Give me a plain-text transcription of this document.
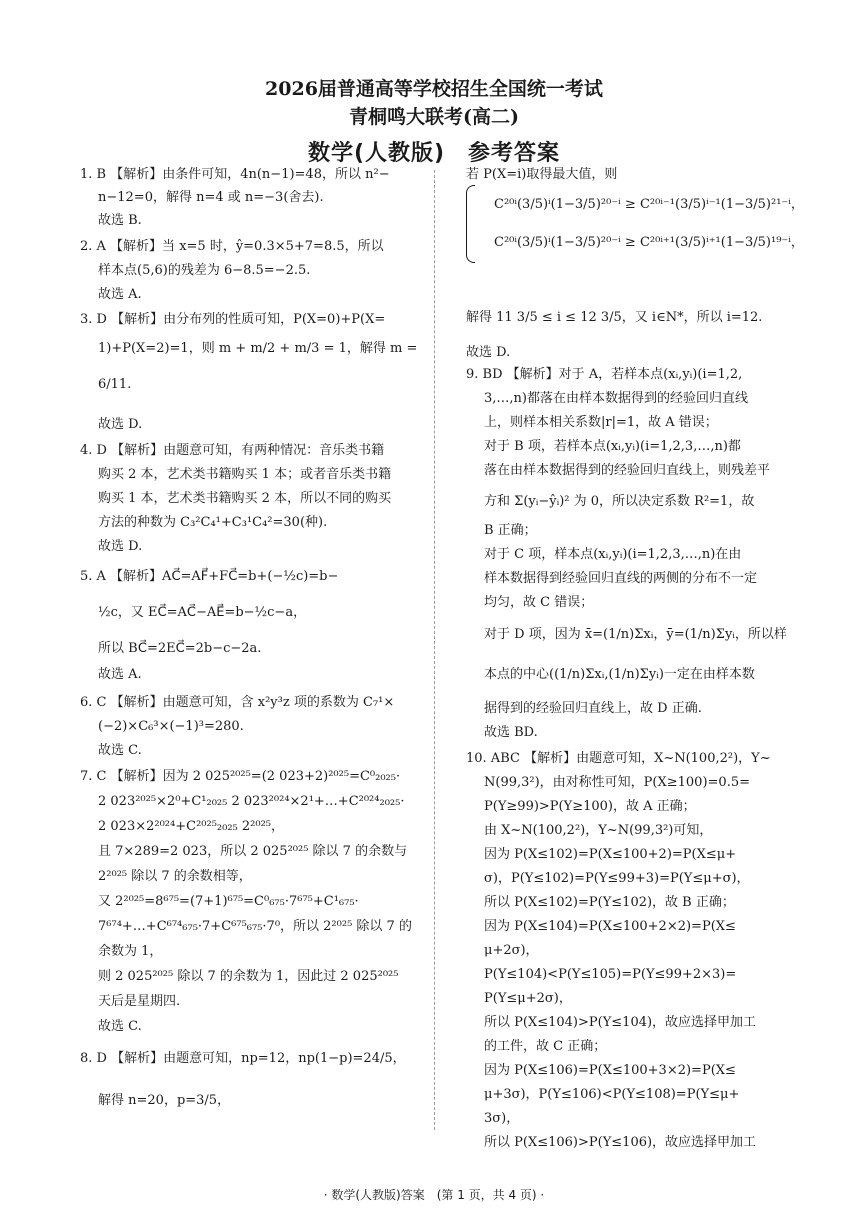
2026届普通高等学校招生全国统一考试
青桐鸣大联考(高二)
数学(人教版)　参考答案
1. B 【解析】由条件可知，4n(n−1)=48，所以 n²−
n−12=0，解得 n=4 或 n=−3(舍去).
故选 B.
2. A 【解析】当 x=5 时，ŷ=0.3×5+7=8.5，所以
样本点(5,6)的残差为 6−8.5=−2.5.
故选 A.
3. D 【解析】由分布列的性质可知，P(X=0)+P(X=
1)+P(X=2)=1，则 m + m/2 + m/3 = 1，解得 m =
6/11.
故选 D.
4. D 【解析】由题意可知，有两种情况：音乐类书籍
购买 2 本，艺术类书籍购买 1 本；或者音乐类书籍
购买 1 本，艺术类书籍购买 2 本，所以不同的购买
方法的种数为 C₃²C₄¹+C₃¹C₄²=30(种).
故选 D.
5. A 【解析】AC⃗=AF⃗+FC⃗=b+(−½c)=b−
½c，又 EC⃗=AC⃗−AE⃗=b−½c−a，
所以 BC⃗=2EC⃗=2b−c−2a.
故选 A.
6. C 【解析】由题意可知，含 x²y³z 项的系数为 C₇¹×
(−2)×C₆³×(−1)³=280.
故选 C.
7. C 【解析】因为 2 025²⁰²⁵=(2 023+2)²⁰²⁵=C⁰₂₀₂₅·
2 023²⁰²⁵×2⁰+C¹₂₀₂₅ 2 023²⁰²⁴×2¹+…+C²⁰²⁴₂₀₂₅·
2 023×2²⁰²⁴+C²⁰²⁵₂₀₂₅ 2²⁰²⁵，
且 7×289=2 023，所以 2 025²⁰²⁵ 除以 7 的余数与
2²⁰²⁵ 除以 7 的余数相等，
又 2²⁰²⁵=8⁶⁷⁵=(7+1)⁶⁷⁵=C⁰₆₇₅·7⁶⁷⁵+C¹₆₇₅·
7⁶⁷⁴+…+C⁶⁷⁴₆₇₅·7+C⁶⁷⁵₆₇₅·7⁰，所以 2²⁰²⁵ 除以 7 的
余数为 1，
则 2 025²⁰²⁵ 除以 7 的余数为 1，因此过 2 025²⁰²⁵
天后是星期四.
故选 C.
8. D 【解析】由题意可知，np=12，np(1−p)=24/5，
解得 n=20，p=3/5，
若 P(X=i)取得最大值，则
C²⁰ⁱ(3/5)ⁱ(1−3/5)²⁰⁻ⁱ ≥ C²⁰ⁱ⁻¹(3/5)ⁱ⁻¹(1−3/5)²¹⁻ⁱ，
C²⁰ⁱ(3/5)ⁱ(1−3/5)²⁰⁻ⁱ ≥ C²⁰ⁱ⁺¹(3/5)ⁱ⁺¹(1−3/5)¹⁹⁻ⁱ，
解得 11 3/5 ≤ i ≤ 12 3/5，又 i∈N*，所以 i=12.
故选 D.
9. BD 【解析】对于 A，若样本点(xᵢ,yᵢ)(i=1,2,
3,…,n)都落在由样本数据得到的经验回归直线
上，则样本相关系数|r|=1，故 A 错误；
对于 B 项，若样本点(xᵢ,yᵢ)(i=1,2,3,…,n)都
落在由样本数据得到的经验回归直线上，则残差平
方和 Σ(yᵢ−ŷᵢ)² 为 0，所以决定系数 R²=1，故
B 正确；
对于 C 项，样本点(xᵢ,yᵢ)(i=1,2,3,…,n)在由
样本数据得到经验回归直线的两侧的分布不一定
均匀，故 C 错误；
对于 D 项，因为 x̄=(1/n)Σxᵢ，ȳ=(1/n)Σyᵢ，所以样
本点的中心((1/n)Σxᵢ,(1/n)Σyᵢ)一定在由样本数
据得到的经验回归直线上，故 D 正确.
故选 BD.
10. ABC 【解析】由题意可知，X~N(100,2²)，Y~
N(99,3²)，由对称性可知，P(X≥100)=0.5=
P(Y≥99)>P(Y≥100)，故 A 正确；
由 X~N(100,2²)，Y~N(99,3²)可知，
因为 P(X≤102)=P(X≤100+2)=P(X≤μ+
σ)，P(Y≤102)=P(Y≤99+3)=P(Y≤μ+σ)，
所以 P(X≤102)=P(Y≤102)，故 B 正确；
因为 P(X≤104)=P(X≤100+2×2)=P(X≤
μ+2σ)，
P(Y≤104)<P(Y≤105)=P(Y≤99+2×3)=
P(Y≤μ+2σ)，
所以 P(X≤104)>P(Y≤104)，故应选择甲加工
的工件，故 C 正确；
因为 P(X≤106)=P(X≤100+3×2)=P(X≤
μ+3σ)，P(Y≤106)<P(Y≤108)=P(Y≤μ+
3σ)，
所以 P(X≤106)>P(Y≤106)，故应选择甲加工
· 数学(人教版)答案　(第 1 页，共 4 页) ·
